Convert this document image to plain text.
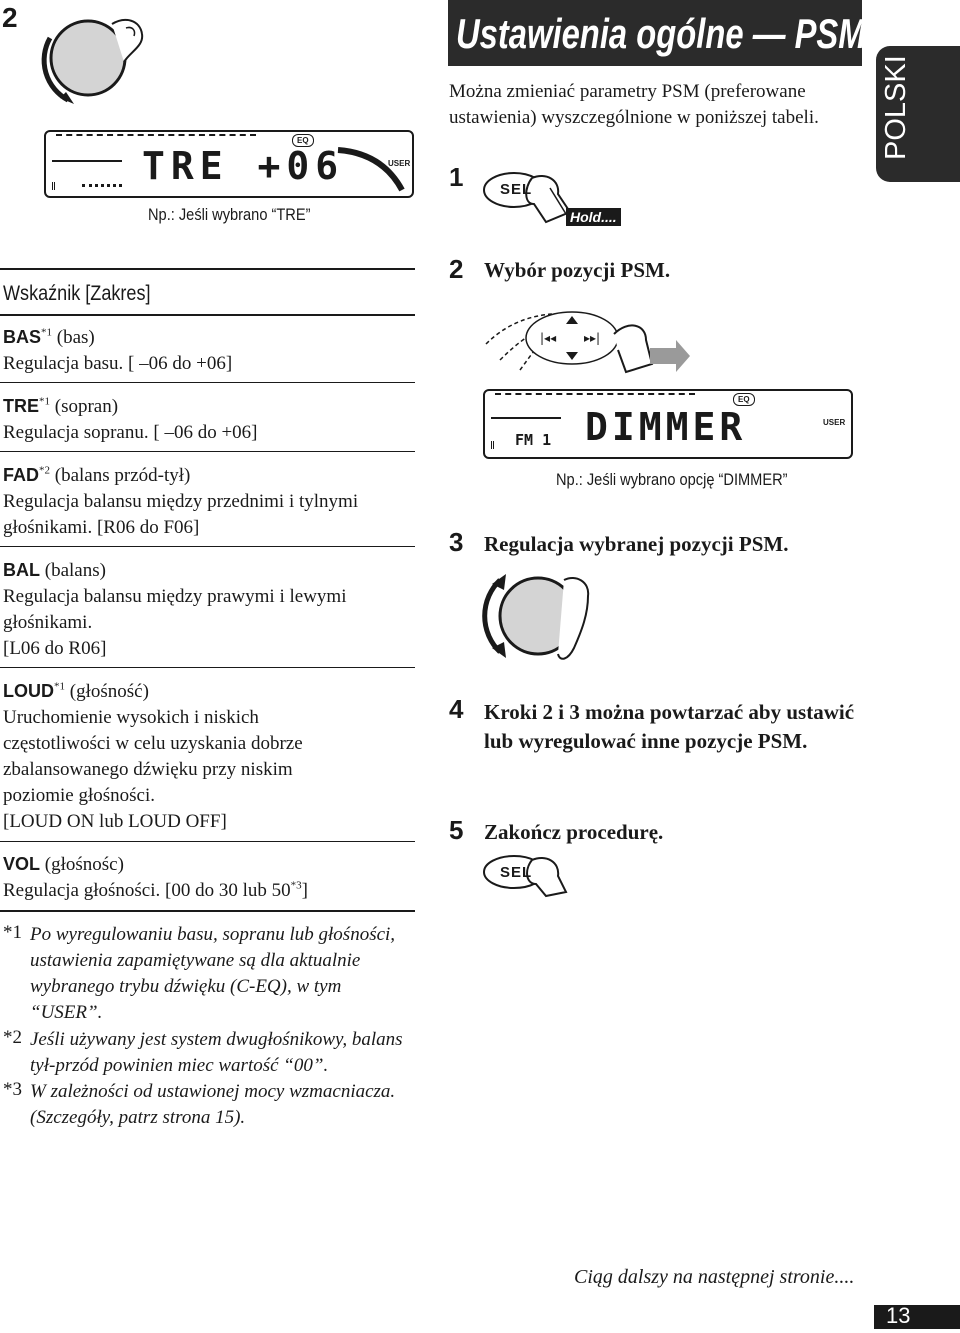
2
TRE +06
EQ
USER
Np.: Jeśli wybrano “TRE”
Ustawienia ogólne — PSM
POLSKI
Można zmieniać parametry PSM (preferowane ustawienia) wyszczególnione w poniższej tabeli.
1 SEL
Hold....
Wskaźnik [Zakres]
BAS$^{*1}$ (bas)
Regulacja basu. [ –06 do +06]
TRE$^{*1}$ (sopran)
Regulacja sopranu. [ –06 do +06]
FAD$^{*2}$ (balans przód-tył)
Regulacja balansu między przednimi i tylnymi głośnikami. [R06 do F06]
BAL (balans)
Regulacja balansu między prawymi i lewymi głośnikami.
[L06 do R06]
LOUD$^{*1}$ (głośność)
Uruchomienie wysokich i niskich częstotliwości w celu uzyskania dobrze zbalansowanego dźwięku przy niskim poziomie głośności.
[LOUD ON lub LOUD OFF]
VOL (głośnośc)
Regulacja głośności. [00 do 30 lub 50$^{*3}$]
*1 Po wyregulowaniu basu, sopranu lub głośności, ustawienia zapamiętywane są dla aktualnie wybranego trybu dźwięku (C-EQ), w tym “USER”.
*2 Jeśli używany jest system dwugłośnikowy, balans tył-przód powinien miec wartość “00”.
*3 W zależności od ustawionej mocy wzmacniacza. (Szczegóły, patrz strona 15).
2 Wybór pozycji PSM.
|◂◂ ▸▸|
FM 1 DIMMER
EQ
USER
Np.: Jeśli wybrano opcję “DIMMER”
3 Regulacja wybranej pozycji PSM.
4 Kroki 2 i 3 można powtarzać aby ustawić lub wyregulować inne pozycje PSM.
5 Zakończ procedurę.
SEL
Ciąg dalszy na następnej stronie....
13
